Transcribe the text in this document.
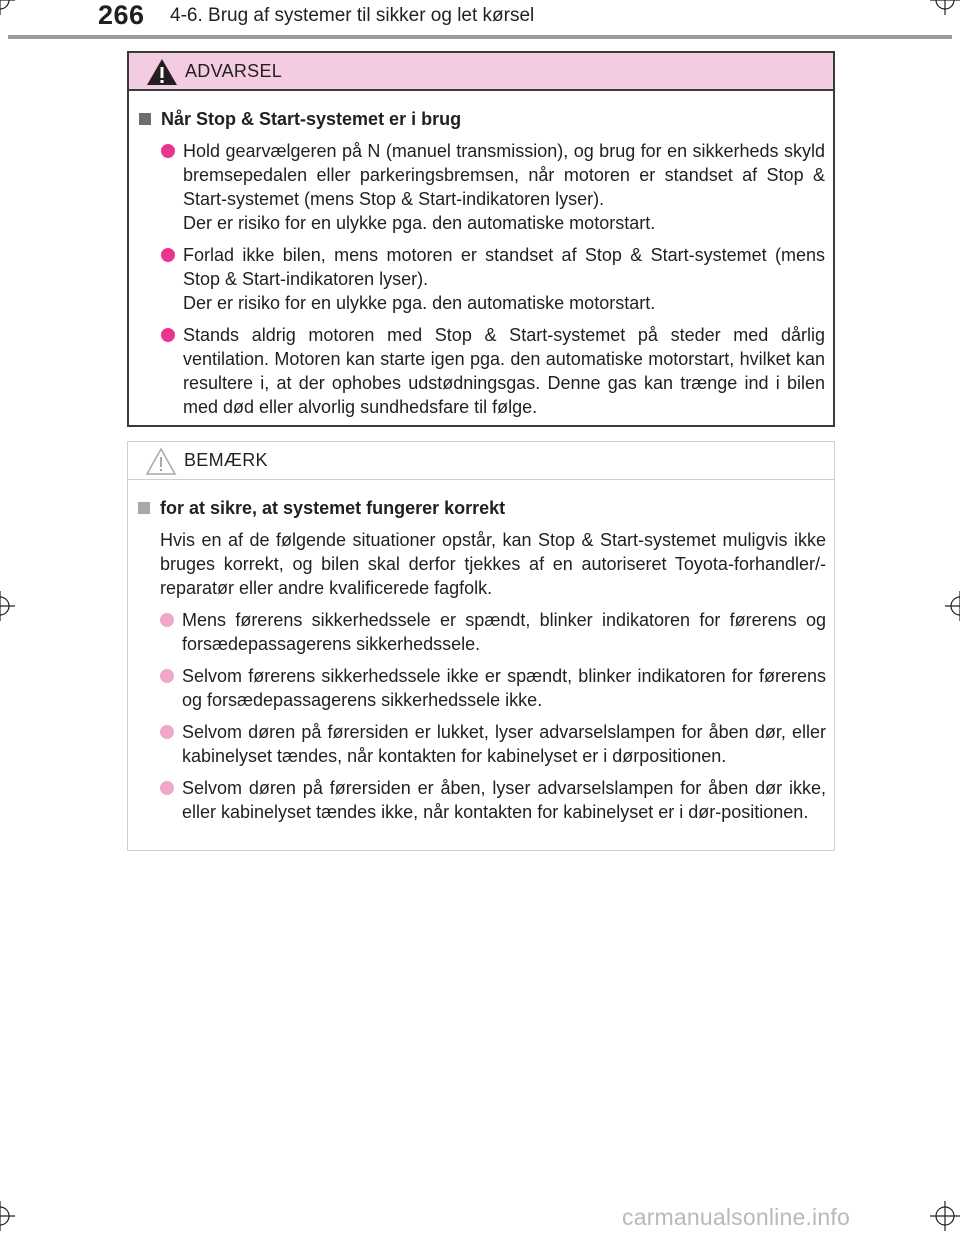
266 4-6. Brug af systemer til sikker og let kørsel
ADVARSEL
Når Stop & Start-systemet er i brug
Hold gearvælgeren på N (manuel transmission), og brug for en sikkerheds skyld bremsepedalen eller parkeringsbremsen, når motoren er standset af Stop & Start-systemet (mens Stop & Start-indikatoren lyser).
Der er risiko for en ulykke pga. den automatiske motorstart.
Forlad ikke bilen, mens motoren er standset af Stop & Start-systemet (mens Stop & Start-indikatoren lyser).
Der er risiko for en ulykke pga. den automatiske motorstart.
Stands aldrig motoren med Stop & Start-systemet på steder med dårlig ventilation. Motoren kan starte igen pga. den automatiske motorstart, hvilket kan resultere i, at der ophobes udstødningsgas. Denne gas kan trænge ind i bilen med død eller alvorlig sundhedsfare til følge.
BEMÆRK
for at sikre, at systemet fungerer korrekt
Hvis en af de følgende situationer opstår, kan Stop & Start-systemet muligvis ikke bruges korrekt, og bilen skal derfor tjekkes af en autoriseret Toyota-forhandler/-reparatør eller andre kvalificerede fagfolk.
Mens førerens sikkerhedssele er spændt, blinker indikatoren for førerens og forsædepassagerens sikkerhedssele.
Selvom førerens sikkerhedssele ikke er spændt, blinker indikatoren for førerens og forsædepassagerens sikkerhedssele ikke.
Selvom døren på førersiden er lukket, lyser advarselslampen for åben dør, eller kabinelyset tændes, når kontakten for kabinelyset er i dørpositionen.
Selvom døren på førersiden er åben, lyser advarselslampen for åben dør ikke, eller kabinelyset tændes ikke, når kontakten for kabinelyset er i dør-positionen.
carmanualsonline.info
